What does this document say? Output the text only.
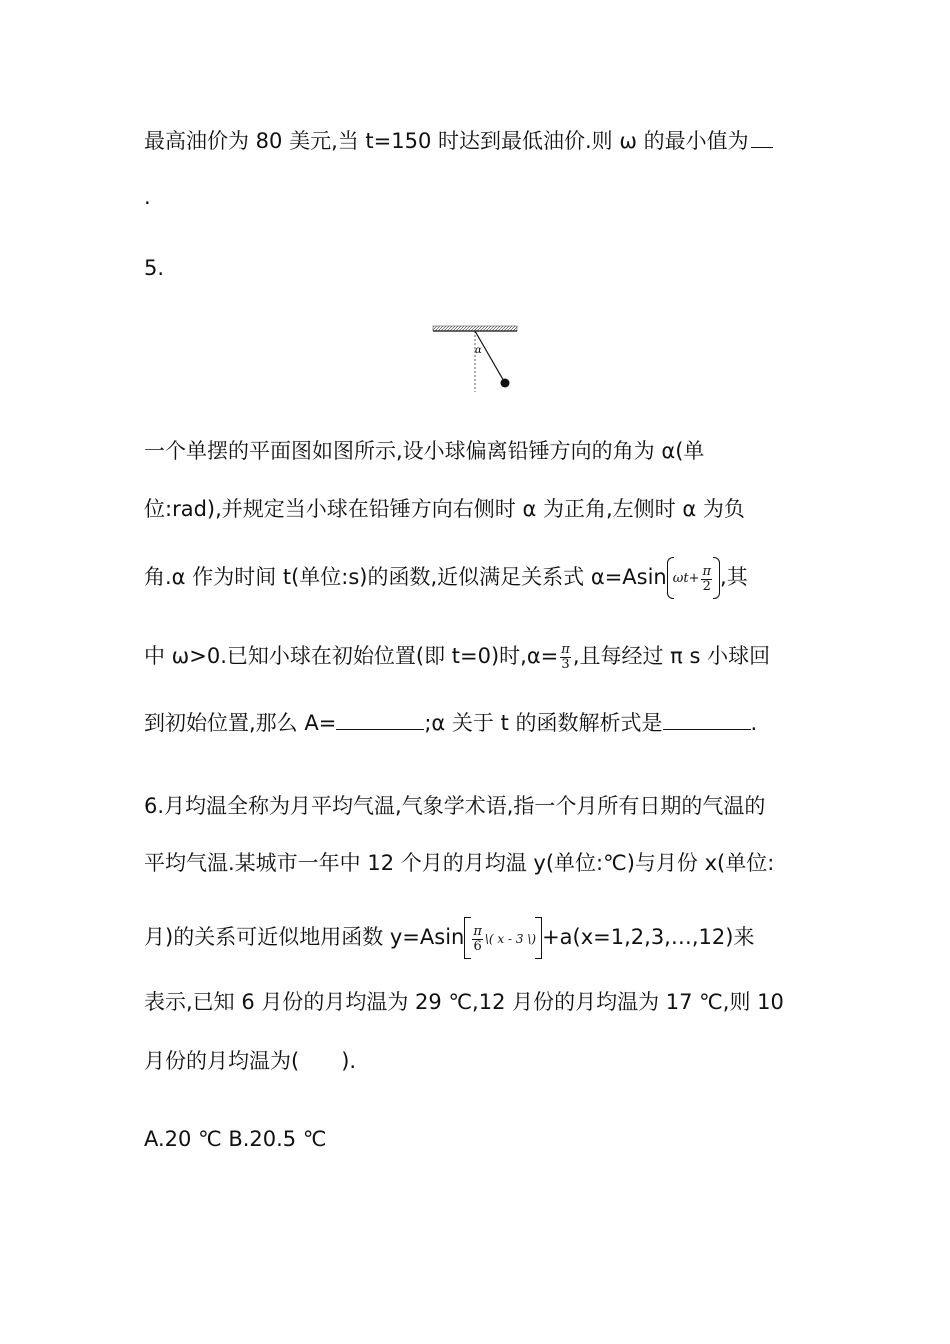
最高油价为 80 美元,当 t=150 时达到最低油价.则 ω 的最小值为
.
5.
α
一个单摆的平面图如图所示,设小球偏离铅锤方向的角为 α(单
位:rad),并规定当小球在铅锤方向右侧时 α 为正角,左侧时 α 为负
角.α 作为时间 t(单位:s)的函数,近似满足关系式 α=Asin $\omega t+ \frac{\pi}{2}$ ,其
中 ω>0.已知小球在初始位置(即 t=0)时$,\alpha= \frac{\pi}{3}$ ,且每经过 π s 小球回
到初始位置,那么 A=	;α 关于 t 的函数解析式是	.
6.月均温全称为月平均气温,气象学术语,指一个月所有日期的气温的
平均气温.某城市一年中 12 个月的月均温 y(单位:℃)与月份 x(单位:
月)的关系可近似地用函数 $y=Asin \frac{\pi}{6}$ \( x - 3 \) +a(x=1,2,3,…,12)来
表示,已知 6 月份的月均温为 29 ℃,12 月份的月均温为 17 ℃,则 10
月份的月均温为(　　).
A.20 ℃ B.20.5 ℃
